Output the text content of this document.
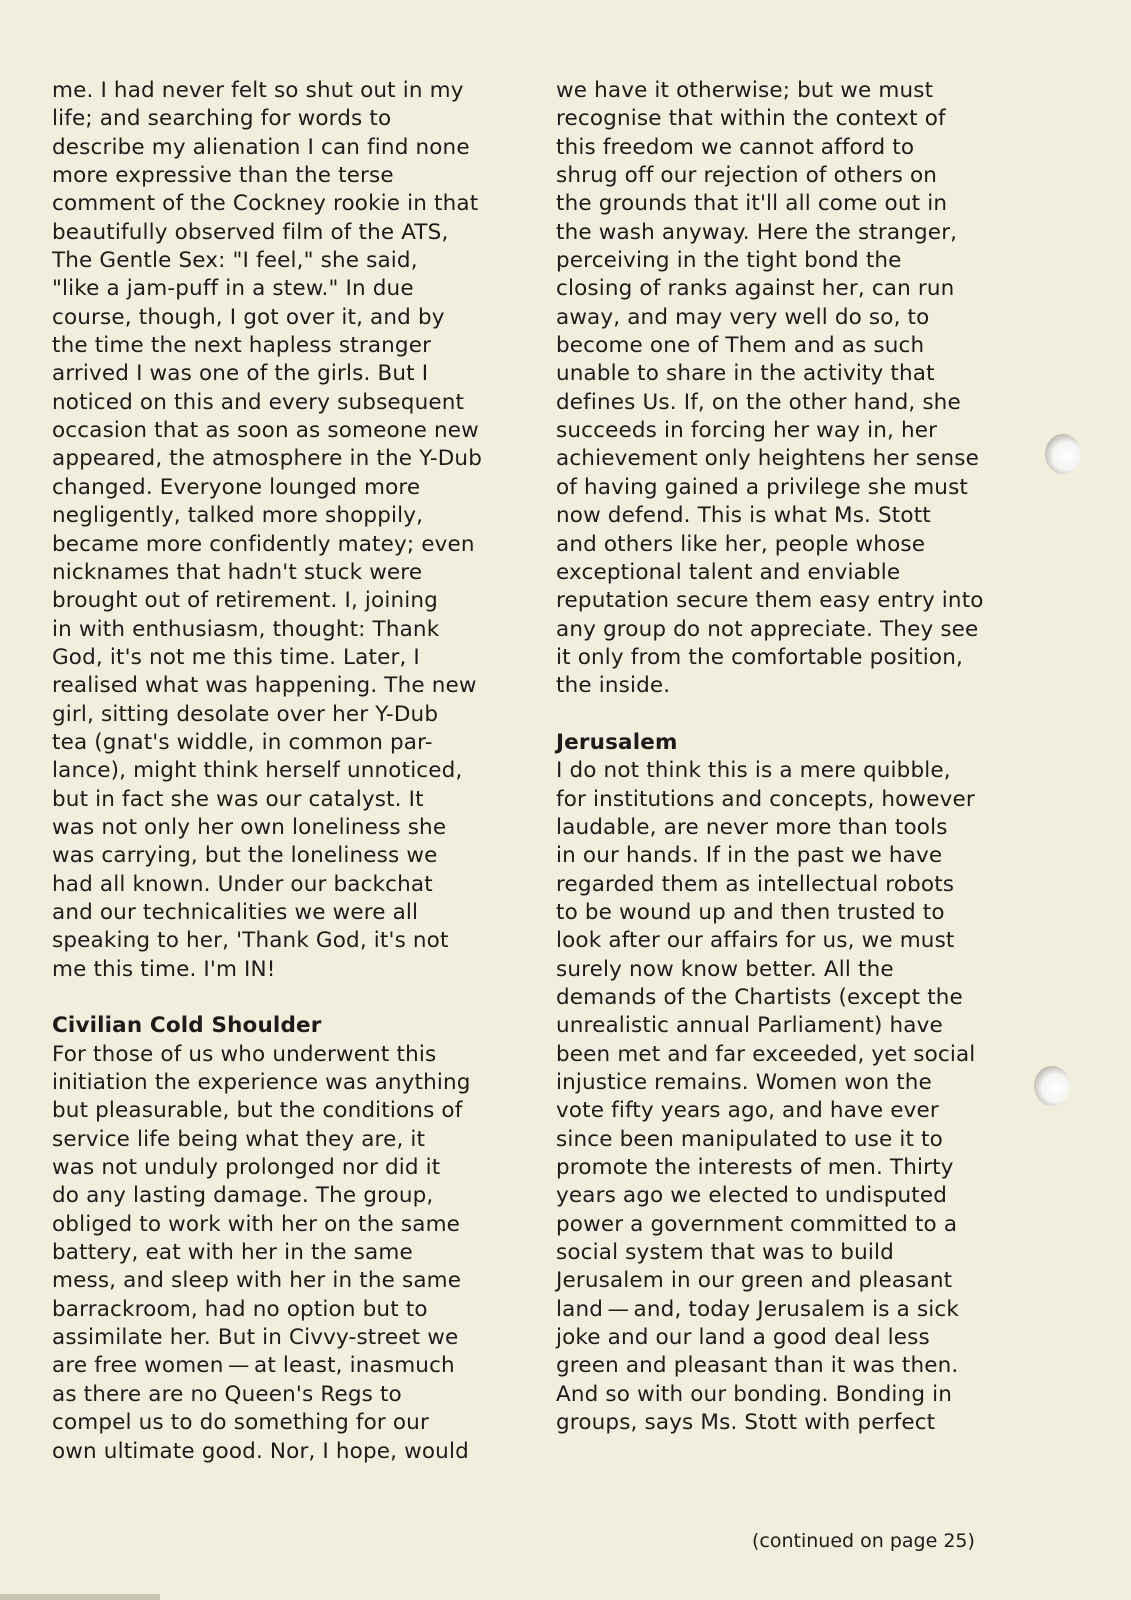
me. I had never felt so shut out in my
life; and searching for words to
describe my alienation I can find none
more expressive than the terse
comment of the Cockney rookie in that
beautifully observed film of the ATS,
The Gentle Sex: "I feel," she said,
"like a jam-puff in a stew." In due
course, though, I got over it, and by
the time the next hapless stranger
arrived I was one of the girls. But I
noticed on this and every subsequent
occasion that as soon as someone new
appeared, the atmosphere in the Y-Dub
changed. Everyone lounged more
negligently, talked more shoppily,
became more confidently matey; even
nicknames that hadn't stuck were
brought out of retirement. I, joining
in with enthusiasm, thought: Thank
God, it's not me this time. Later, I
realised what was happening. The new
girl, sitting desolate over her Y-Dub
tea (gnat's widdle, in common par-
lance), might think herself unnoticed,
but in fact she was our catalyst. It
was not only her own loneliness she
was carrying, but the loneliness we
had all known. Under our backchat
and our technicalities we were all
speaking to her, 'Thank God, it's not
me this time. I'm IN!
Civilian Cold Shoulder
For those of us who underwent this
initiation the experience was anything
but pleasurable, but the conditions of
service life being what they are, it
was not unduly prolonged nor did it
do any lasting damage. The group,
obliged to work with her on the same
battery, eat with her in the same
mess, and sleep with her in the same
barrackroom, had no option but to
assimilate her. But in Civvy-street we
are free women — at least, inasmuch
as there are no Queen's Regs to
compel us to do something for our
own ultimate good. Nor, I hope, would
we have it otherwise; but we must
recognise that within the context of
this freedom we cannot afford to
shrug off our rejection of others on
the grounds that it'll all come out in
the wash anyway. Here the stranger,
perceiving in the tight bond the
closing of ranks against her, can run
away, and may very well do so, to
become one of Them and as such
unable to share in the activity that
defines Us. If, on the other hand, she
succeeds in forcing her way in, her
achievement only heightens her sense
of having gained a privilege she must
now defend. This is what Ms. Stott
and others like her, people whose
exceptional talent and enviable
reputation secure them easy entry into
any group do not appreciate. They see
it only from the comfortable position,
the inside.
Jerusalem
I do not think this is a mere quibble,
for institutions and concepts, however
laudable, are never more than tools
in our hands. If in the past we have
regarded them as intellectual robots
to be wound up and then trusted to
look after our affairs for us, we must
surely now know better. All the
demands of the Chartists (except the
unrealistic annual Parliament) have
been met and far exceeded, yet social
injustice remains. Women won the
vote fifty years ago, and have ever
since been manipulated to use it to
promote the interests of men. Thirty
years ago we elected to undisputed
power a government committed to a
social system that was to build
Jerusalem in our green and pleasant
land — and, today Jerusalem is a sick
joke and our land a good deal less
green and pleasant than it was then.
And so with our bonding. Bonding in
groups, says Ms. Stott with perfect
(continued on page 25)
